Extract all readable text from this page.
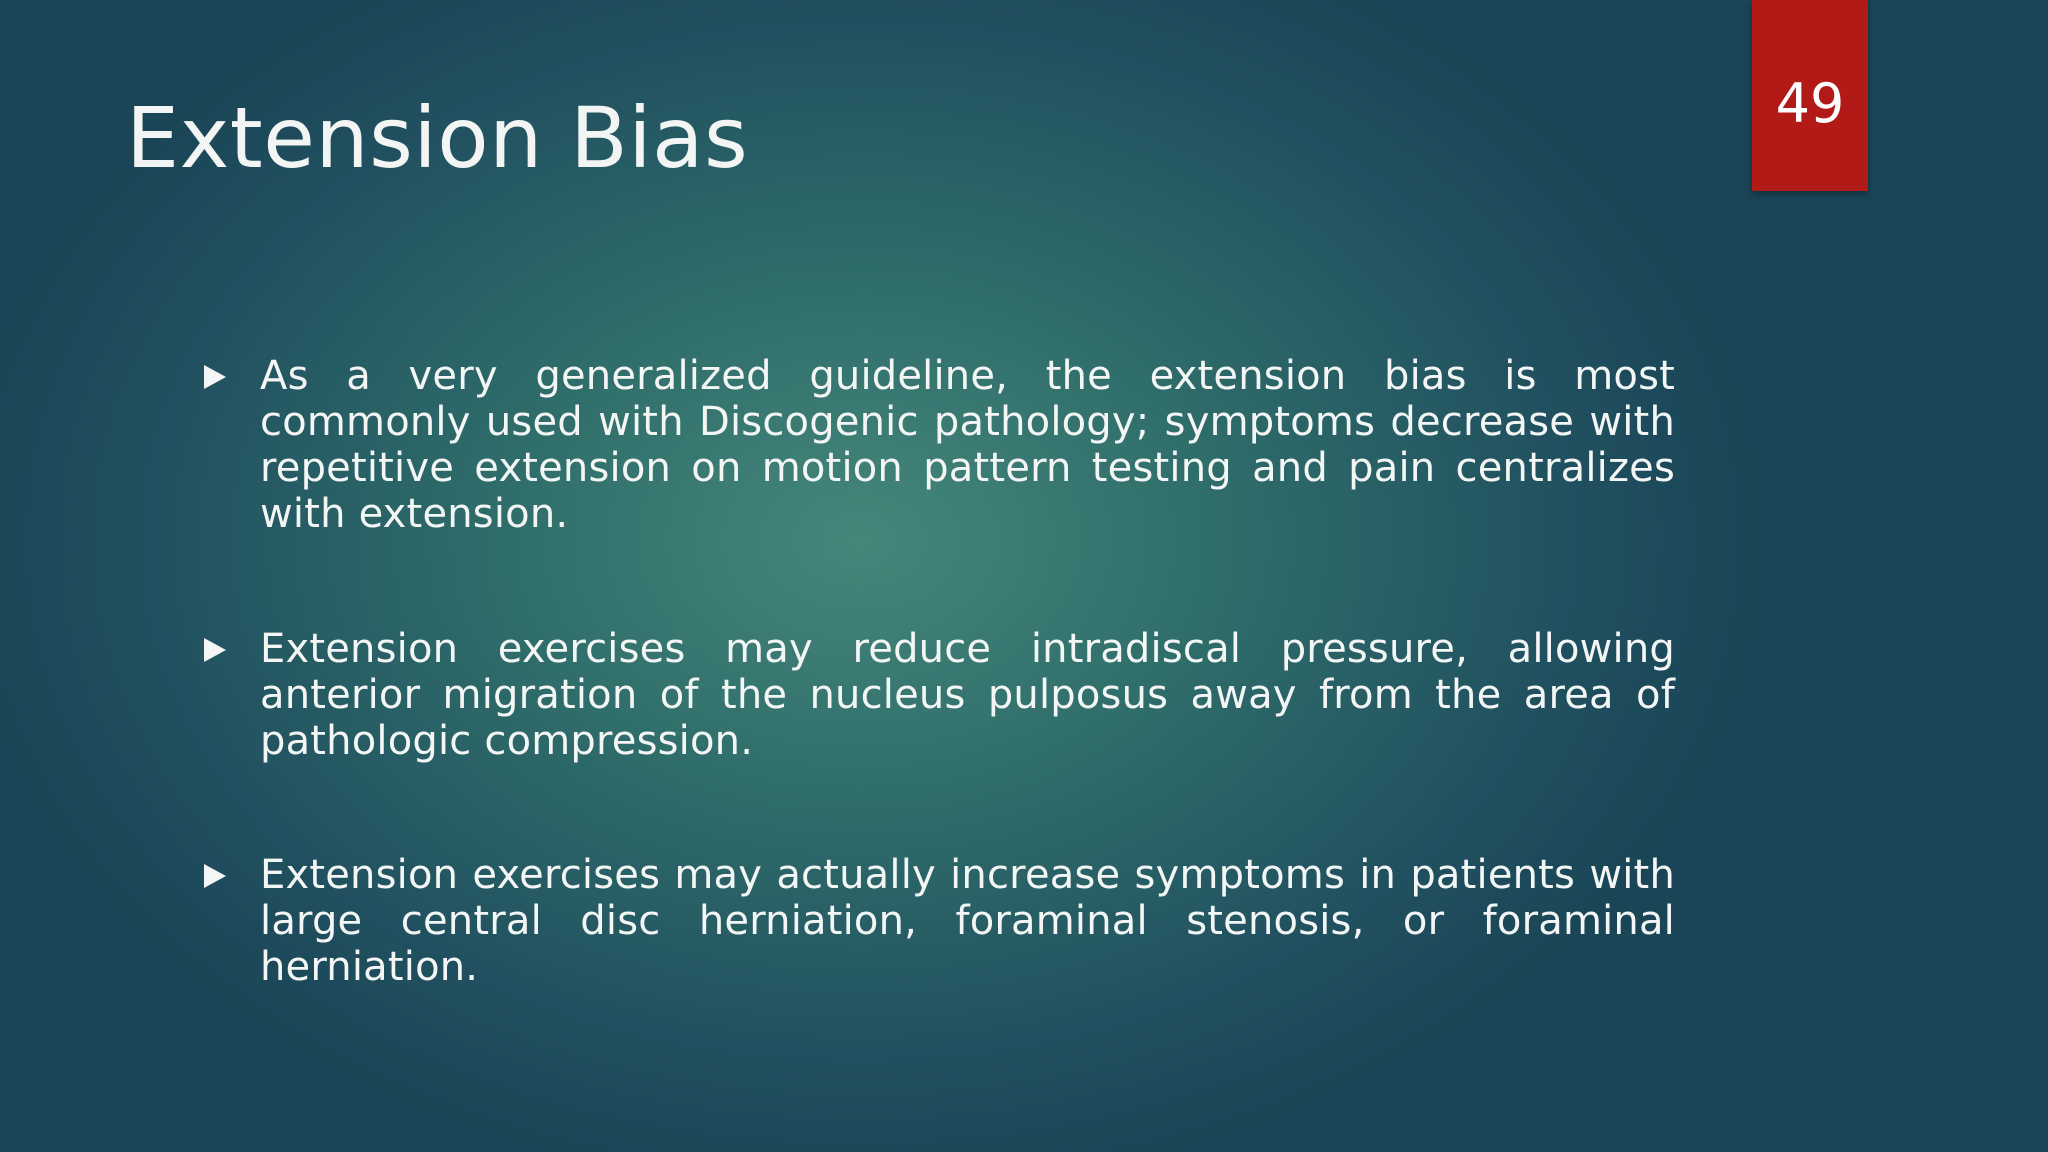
Extension Bias	49
As a very generalized guideline, the extension bias is most commonly used with Discogenic pathology; symptoms decrease with repetitive extension on motion pattern testing and pain centralizes with extension.
Extension exercises may reduce intradiscal pressure, allowing anterior migration of the nucleus pulposus away from the area of pathologic compression.
Extension exercises may actually increase symptoms in patients with large central disc herniation, foraminal stenosis, or foraminal herniation.
